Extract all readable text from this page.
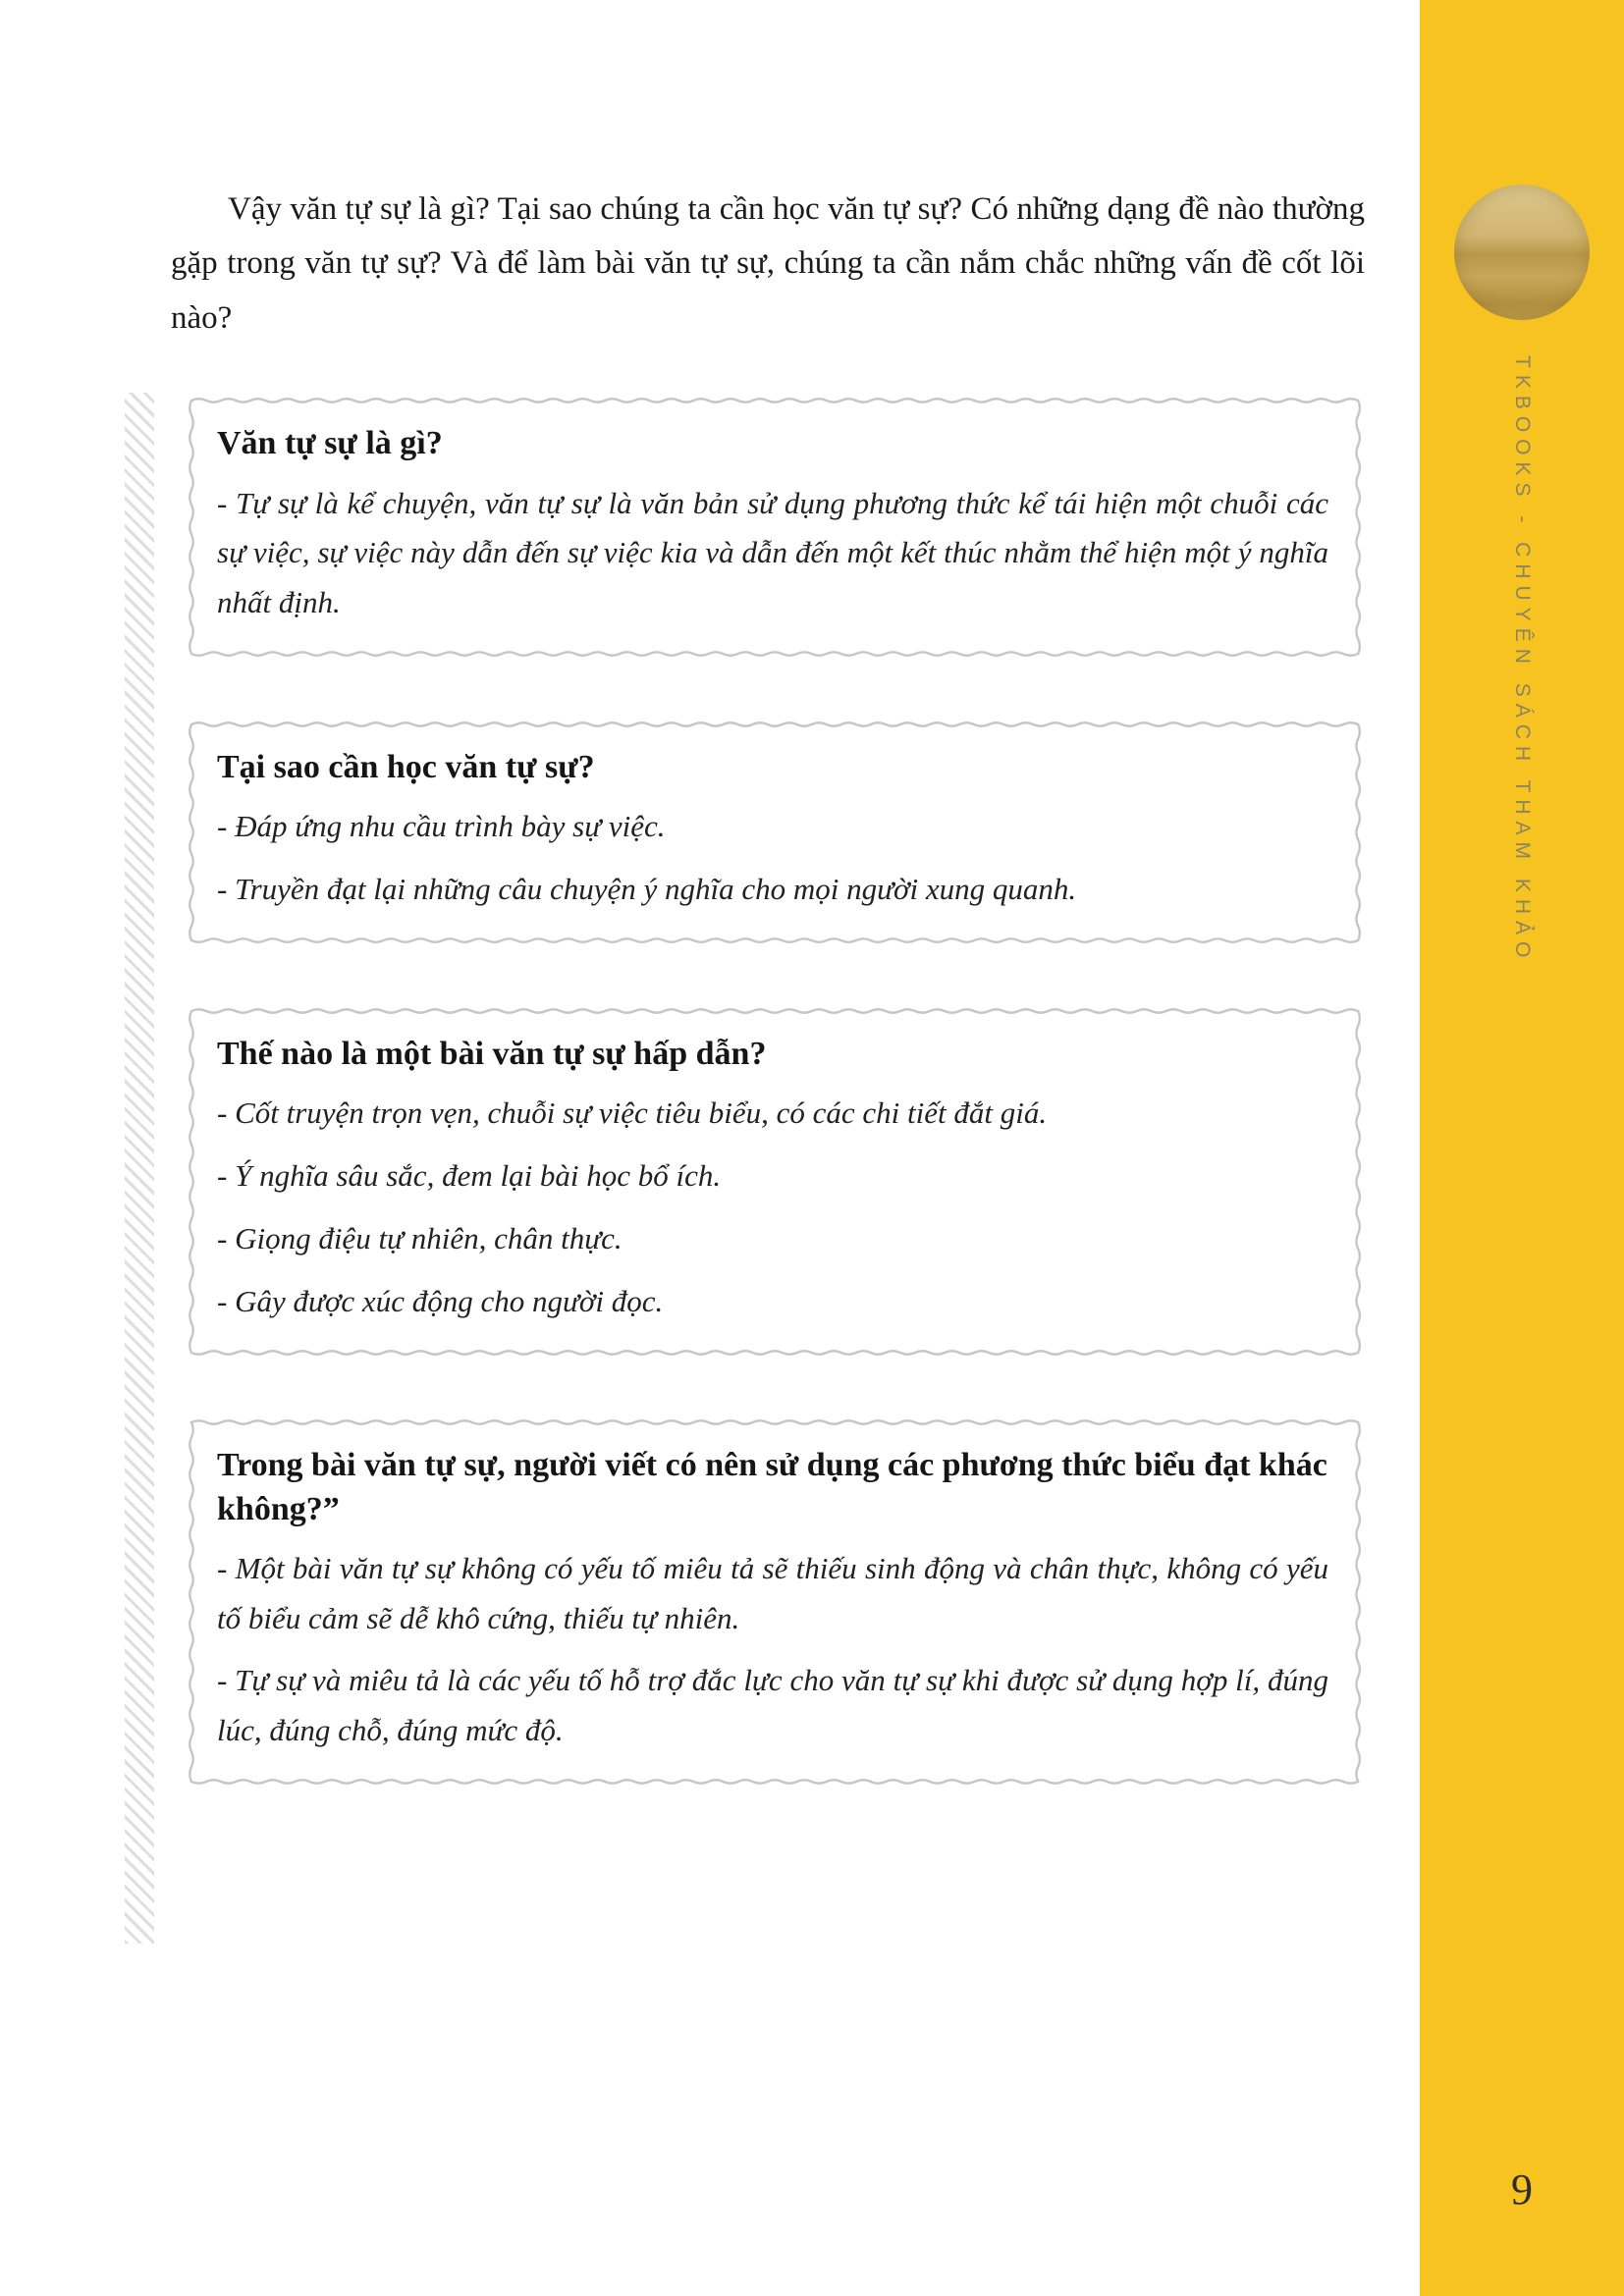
Vậy văn tự sự là gì? Tại sao chúng ta cần học văn tự sự? Có những dạng đề nào thường gặp trong văn tự sự? Và để làm bài văn tự sự, chúng ta cần nắm chắc những vấn đề cốt lõi nào?

Văn tự sự là gì?

- Tự sự là kể chuyện, văn tự sự là văn bản sử dụng phương thức kể tái hiện một chuỗi các sự việc, sự việc này dẫn đến sự việc kia và dẫn đến một kết thúc nhằm thể hiện một ý nghĩa nhất định.

Tại sao cần học văn tự sự?

- Đáp ứng nhu cầu trình bày sự việc.

- Truyền đạt lại những câu chuyện ý nghĩa cho mọi người xung quanh.

Thế nào là một bài văn tự sự hấp dẫn?

- Cốt truyện trọn vẹn, chuỗi sự việc tiêu biểu, có các chi tiết đắt giá.

- Ý nghĩa sâu sắc, đem lại bài học bổ ích.

- Giọng điệu tự nhiên, chân thực.

- Gây được xúc động cho người đọc.

Trong bài văn tự sự, người viết có nên sử dụng các phương thức biểu đạt khác không?”

- Một bài văn tự sự không có yếu tố miêu tả sẽ thiếu sinh động và chân thực, không có yếu tố biểu cảm sẽ dễ khô cứng, thiếu tự nhiên.

- Tự sự và miêu tả là các yếu tố hỗ trợ đắc lực cho văn tự sự khi được sử dụng hợp lí, đúng lúc, đúng chỗ, đúng mức độ.

TKBOOKS - CHUYÊN SÁCH THAM KHẢO
9
